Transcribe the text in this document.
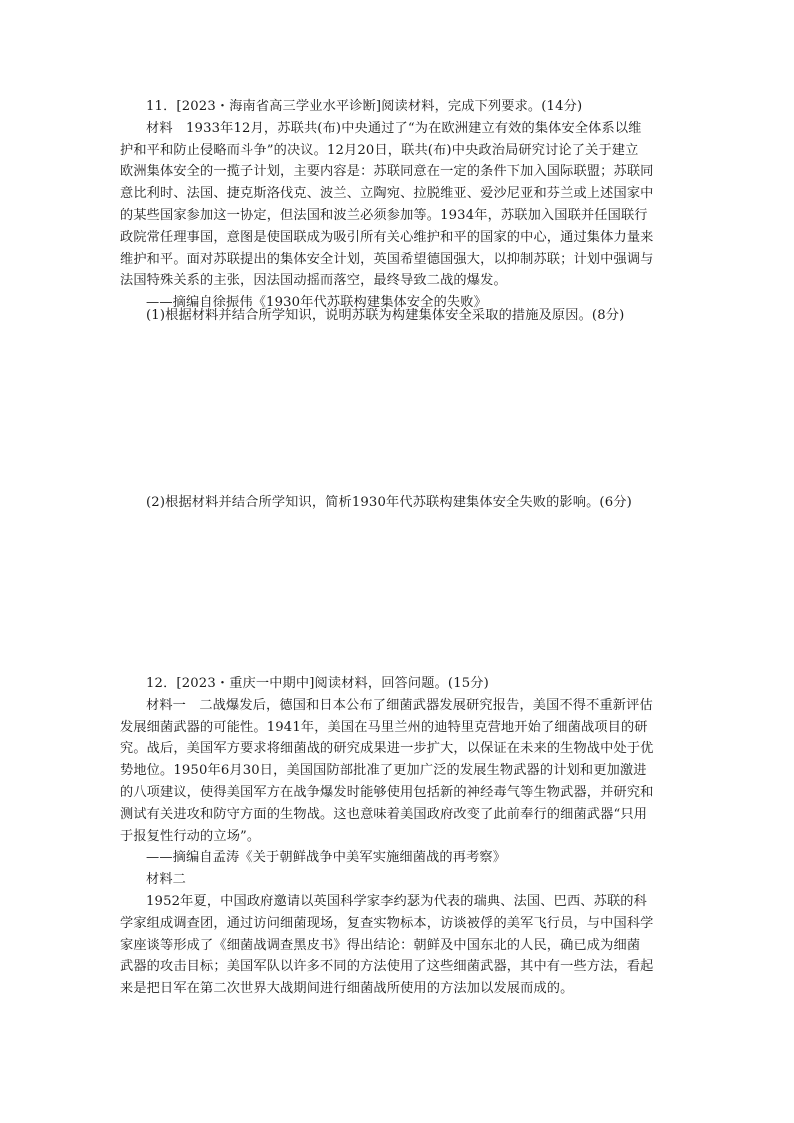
11．[2023・海南省高三学业水平诊断]阅读材料，完成下列要求。(14分)
材料　1933年12月，苏联共(布)中央通过了“为在欧洲建立有效的集体安全体系以维
护和平和防止侵略而斗争”的决议。12月20日，联共(布)中央政治局研究讨论了关于建立
欧洲集体安全的一揽子计划，主要内容是：苏联同意在一定的条件下加入国际联盟；苏联同
意比利时、法国、捷克斯洛伐克、波兰、立陶宛、拉脱维亚、爱沙尼亚和芬兰或上述国家中
的某些国家参加这一协定，但法国和波兰必须参加等。1934年，苏联加入国联并任国联行
政院常任理事国，意图是使国联成为吸引所有关心维护和平的国家的中心，通过集体力量来
维护和平。面对苏联提出的集体安全计划，英国希望德国强大，以抑制苏联；计划中强调与
法国特殊关系的主张，因法国动摇而落空，最终导致二战的爆发。
——摘编自徐振伟《1930年代苏联构建集体安全的失败》
(1)根据材料并结合所学知识，说明苏联为构建集体安全采取的措施及原因。(8分)
(2)根据材料并结合所学知识，简析1930年代苏联构建集体安全失败的影响。(6分)
12．[2023・重庆一中期中]阅读材料，回答问题。(15分)
材料一　二战爆发后，德国和日本公布了细菌武器发展研究报告，美国不得不重新评估
发展细菌武器的可能性。1941年，美国在马里兰州的迪特里克营地开始了细菌战项目的研
究。战后，美国军方要求将细菌战的研究成果进一步扩大，以保证在未来的生物战中处于优
势地位。1950年6月30日，美国国防部批准了更加广泛的发展生物武器的计划和更加激进
的八项建议，使得美国军方在战争爆发时能够使用包括新的神经毒气等生物武器，并研究和
测试有关进攻和防守方面的生物战。这也意味着美国政府改变了此前奉行的细菌武器“只用
于报复性行动的立场”。
——摘编自孟涛《关于朝鲜战争中美军实施细菌战的再考察》
材料二
1952年夏，中国政府邀请以英国科学家李约瑟为代表的瑞典、法国、巴西、苏联的科
学家组成调查团，通过访问细菌现场，复查实物标本，访谈被俘的美军飞行员，与中国科学
家座谈等形成了《细菌战调查黑皮书》得出结论：朝鲜及中国东北的人民，确已成为细菌
武器的攻击目标；美国军队以许多不同的方法使用了这些细菌武器，其中有一些方法，看起
来是把日军在第二次世界大战期间进行细菌战所使用的方法加以发展而成的。
